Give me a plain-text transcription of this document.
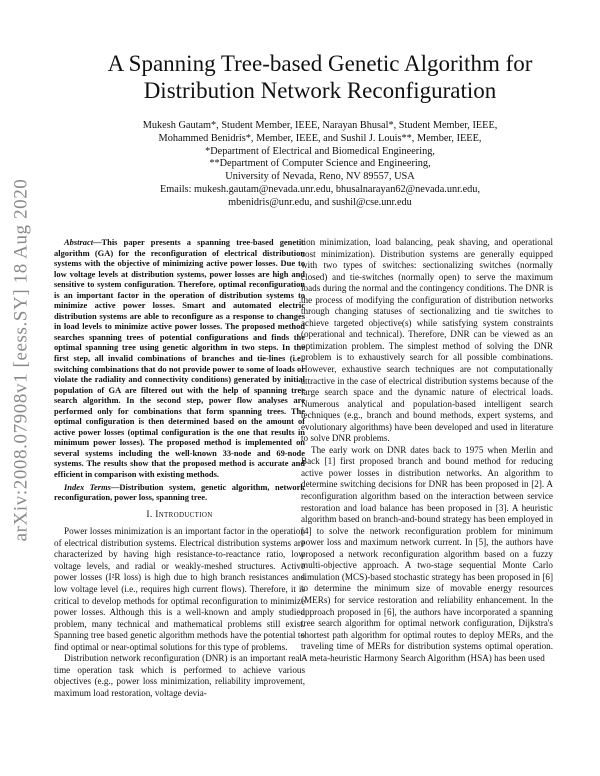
arXiv:2008.07908v1 [eess.SY] 18 Aug 2020
A Spanning Tree-based Genetic Algorithm for
Distribution Network Reconfiguration
Mukesh Gautam*, Student Member, IEEE, Narayan Bhusal*, Student Member, IEEE,
Mohammed Benidris*, Member, IEEE, and Sushil J. Louis**, Member, IEEE,
*Department of Electrical and Biomedical Engineering,
**Department of Computer Science and Engineering,
University of Nevada, Reno, NV 89557, USA
Emails: mukesh.gautam@nevada.unr.edu, bhusalnarayan62@nevada.unr.edu,
mbenidris@unr.edu, and sushil@cse.unr.edu

Abstract—This paper presents a spanning tree-based genetic algorithm (GA) for the reconfiguration of electrical distribution systems with the objective of minimizing active power losses. Due to low voltage levels at distribution systems, power losses are high and sensitive to system configuration. Therefore, optimal reconfiguration is an important factor in the operation of distribution systems to minimize active power losses. Smart and automated electric distribution systems are able to reconfigure as a response to changes in load levels to minimize active power losses. The proposed method searches spanning trees of potential configurations and finds the optimal spanning tree using genetic algorithm in two steps. In the first step, all invalid combinations of branches and tie-lines (i.e., switching combinations that do not provide power to some of loads or violate the radiality and connectivity conditions) generated by initial population of GA are filtered out with the help of spanning tree search algorithm. In the second step, power flow analyses are performed only for combinations that form spanning trees. The optimal configuration is then determined based on the amount of active power losses (optimal configuration is the one that results in minimum power losses). The proposed method is implemented on several systems including the well-known 33-node and 69-node systems. The results show that the proposed method is accurate and efficient in comparison with existing methods.

Index Terms—Distribution system, genetic algorithm, network reconfiguration, power loss, spanning tree.

I. Introduction

Power losses minimization is an important factor in the operation of electrical distribution systems. Electrical distribution systems are characterized by having high resistance-to-reactance ratio, low voltage levels, and radial or weakly-meshed structures. Active power losses (I²R loss) is high due to high branch resistances and low voltage level (i.e., requires high current flows). Therefore, it is critical to develop methods for optimal reconfiguration to minimize power losses. Although this is a well-known and amply studied problem, many technical and mathematical problems still exist. Spanning tree based genetic algorithm methods have the potential to find optimal or near-optimal solutions for this type of problems.

Distribution network reconfiguration (DNR) is an important real-time operation task which is performed to achieve various objectives (e.g., power loss minimization, reliability improvement, maximum load restoration, voltage devia-

tion minimization, load balancing, peak shaving, and operational cost minimization). Distribution systems are generally equipped with two types of switches: sectionalizing switches (normally closed) and tie-switches (normally open) to serve the maximum loads during the normal and the contingency conditions. The DNR is the process of modifying the configuration of distribution networks through changing statuses of sectionalizing and tie switches to achieve targeted objective(s) while satisfying system constraints (operational and technical). Therefore, DNR can be viewed as an optimization problem. The simplest method of solving the DNR problem is to exhaustively search for all possible combinations. However, exhaustive search techniques are not computationally attractive in the case of electrical distribution systems because of the large search space and the dynamic nature of electrical loads. Numerous analytical and population-based intelligent search techniques (e.g., branch and bound methods, expert systems, and evolutionary algorithms) have been developed and used in literature to solve DNR problems.

The early work on DNR dates back to 1975 when Merlin and Back [1] first proposed branch and bound method for reducing active power losses in distribution networks. An algorithm to determine switching decisions for DNR has been proposed in [2]. A reconfiguration algorithm based on the interaction between service restoration and load balance has been proposed in [3]. A heuristic algorithm based on branch-and-bound strategy has been employed in [4] to solve the network reconfiguration problem for minimum power loss and maximum network current. In [5], the authors have proposed a network reconfiguration algorithm based on a fuzzy multi-objective approach. A two-stage sequential Monte Carlo simulation (MCS)-based stochastic strategy has been proposed in [6] to determine the minimum size of movable energy resources (MERs) for service restoration and reliability enhancement. In the approach proposed in [6], the authors have incorporated a spanning tree search algorithm for optimal network configuration, Dijkstra's shortest path algorithm for optimal routes to deploy MERs, and the traveling time of MERs for distribution systems optimal operation. A meta-heuristic Harmony Search Algorithm (HSA) has been used
